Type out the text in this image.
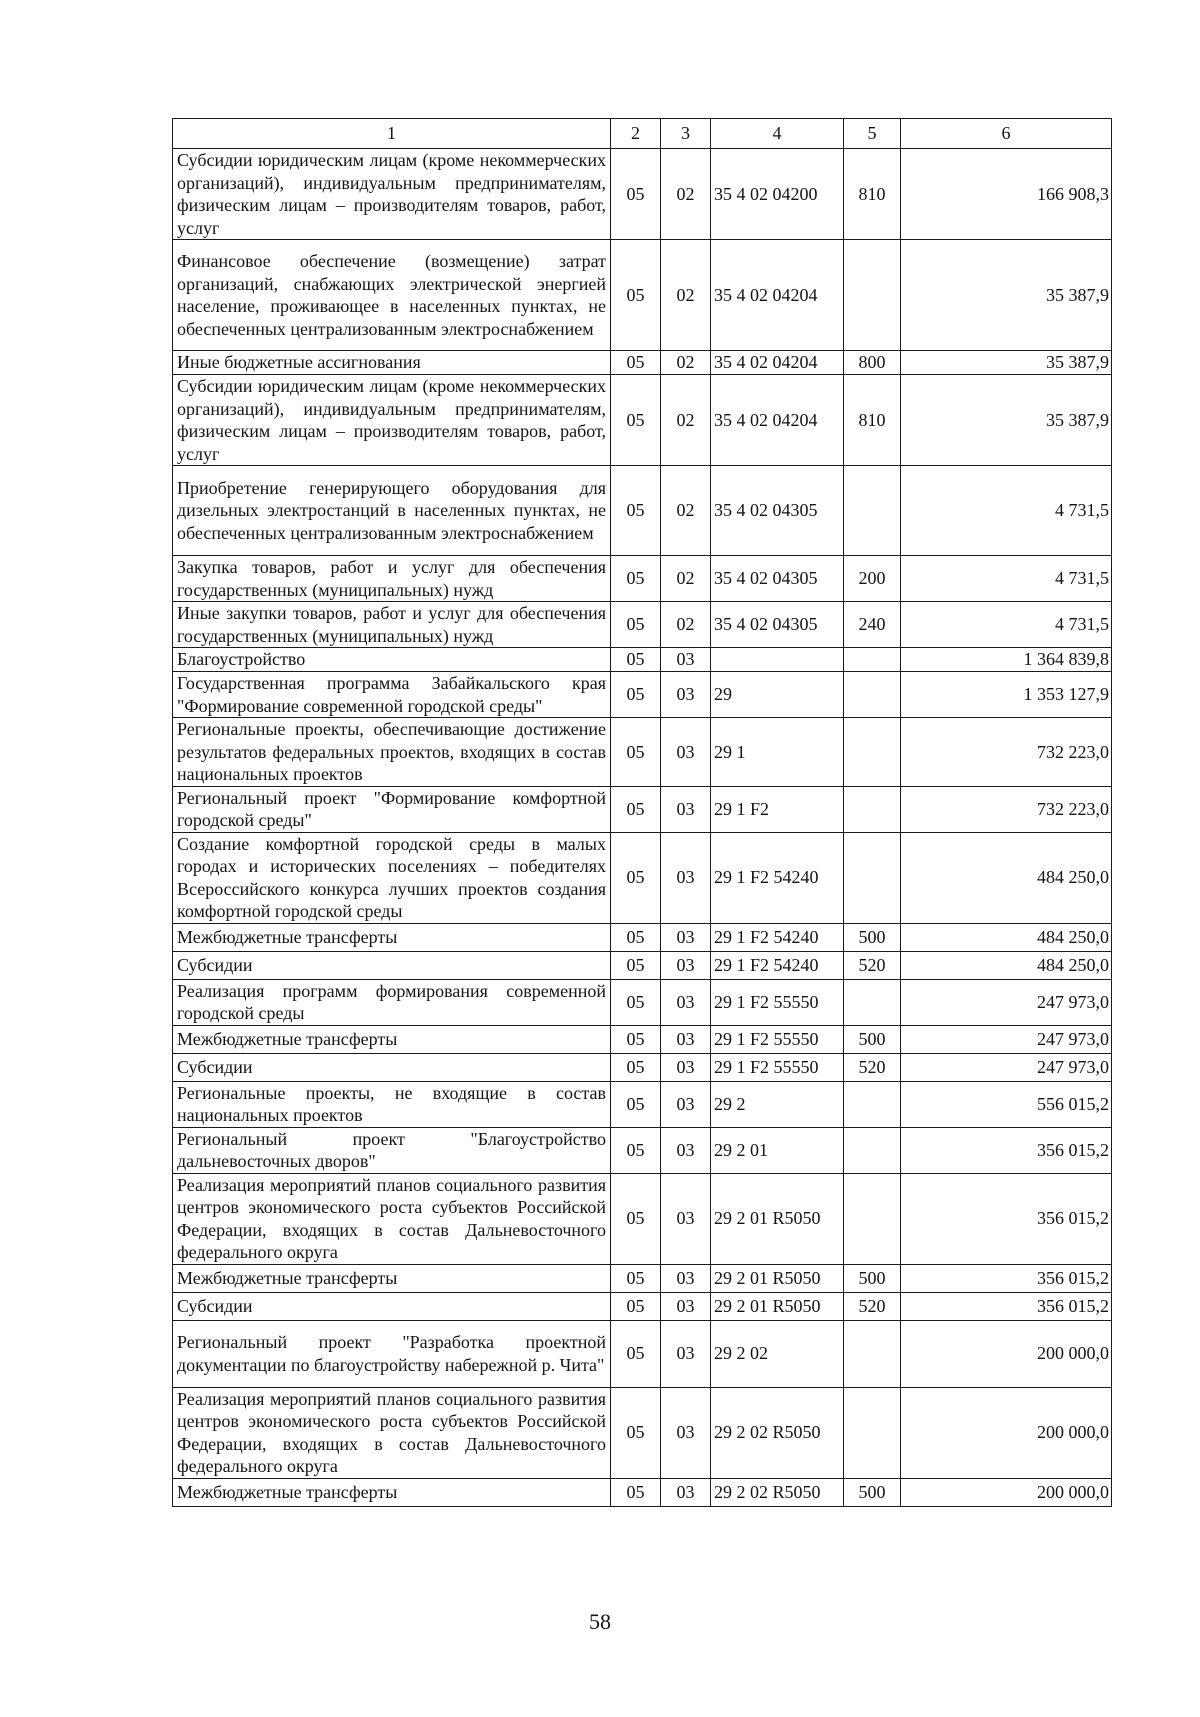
1	2	3	4	5	6
Субсидии юридическим лицам (кроме некоммерческих организаций), индивидуальным предпринимателям, физическим лицам – производителям товаров, работ, услуг	05	02	35 4 02 04200	810	166 908,3
Финансовое обеспечение (возмещение) затрат организаций, снабжающих электрической энергией население, проживающее в населенных пунктах, не обеспеченных централизованным электроснабжением	05	02	35 4 02 04204		35 387,9
Иные бюджетные ассигнования	05	02	35 4 02 04204	800	35 387,9
Субсидии юридическим лицам (кроме некоммерческих организаций), индивидуальным предпринимателям, физическим лицам – производителям товаров, работ, услуг	05	02	35 4 02 04204	810	35 387,9
Приобретение генерирующего оборудования для дизельных электростанций в населенных пунктах, не обеспеченных централизованным электроснабжением	05	02	35 4 02 04305		4 731,5
Закупка товаров, работ и услуг для обеспечения государственных (муниципальных) нужд	05	02	35 4 02 04305	200	4 731,5
Иные закупки товаров, работ и услуг для обеспечения государственных (муниципальных) нужд	05	02	35 4 02 04305	240	4 731,5
Благоустройство	05	03			1 364 839,8
Государственная программа Забайкальского края "Формирование современной городской среды"	05	03	29		1 353 127,9
Региональные проекты, обеспечивающие достижение результатов федеральных проектов, входящих в состав национальных проектов	05	03	29 1		732 223,0
Региональный проект "Формирование комфортной городской среды"	05	03	29 1 F2		732 223,0
Создание комфортной городской среды в малых городах и исторических поселениях – победителях Всероссийского конкурса лучших проектов создания комфортной городской среды	05	03	29 1 F2 54240		484 250,0
Межбюджетные трансферты	05	03	29 1 F2 54240	500	484 250,0
Субсидии	05	03	29 1 F2 54240	520	484 250,0
Реализация программ формирования современной городской среды	05	03	29 1 F2 55550		247 973,0
Межбюджетные трансферты	05	03	29 1 F2 55550	500	247 973,0
Субсидии	05	03	29 1 F2 55550	520	247 973,0
Региональные проекты, не входящие в состав национальных проектов	05	03	29 2		556 015,2
Региональный проект "Благоустройство дальневосточных дворов"	05	03	29 2 01		356 015,2
Реализация мероприятий планов социального развития центров экономического роста субъектов Российской Федерации, входящих в состав Дальневосточного федерального округа	05	03	29 2 01 R5050		356 015,2
Межбюджетные трансферты	05	03	29 2 01 R5050	500	356 015,2
Субсидии	05	03	29 2 01 R5050	520	356 015,2
Региональный проект "Разработка проектной документации по благоустройству набережной р. Чита"	05	03	29 2 02		200 000,0
Реализация мероприятий планов социального развития центров экономического роста субъектов Российской Федерации, входящих в состав Дальневосточного федерального округа	05	03	29 2 02 R5050		200 000,0
Межбюджетные трансферты	05	03	29 2 02 R5050	500	200 000,0
58
